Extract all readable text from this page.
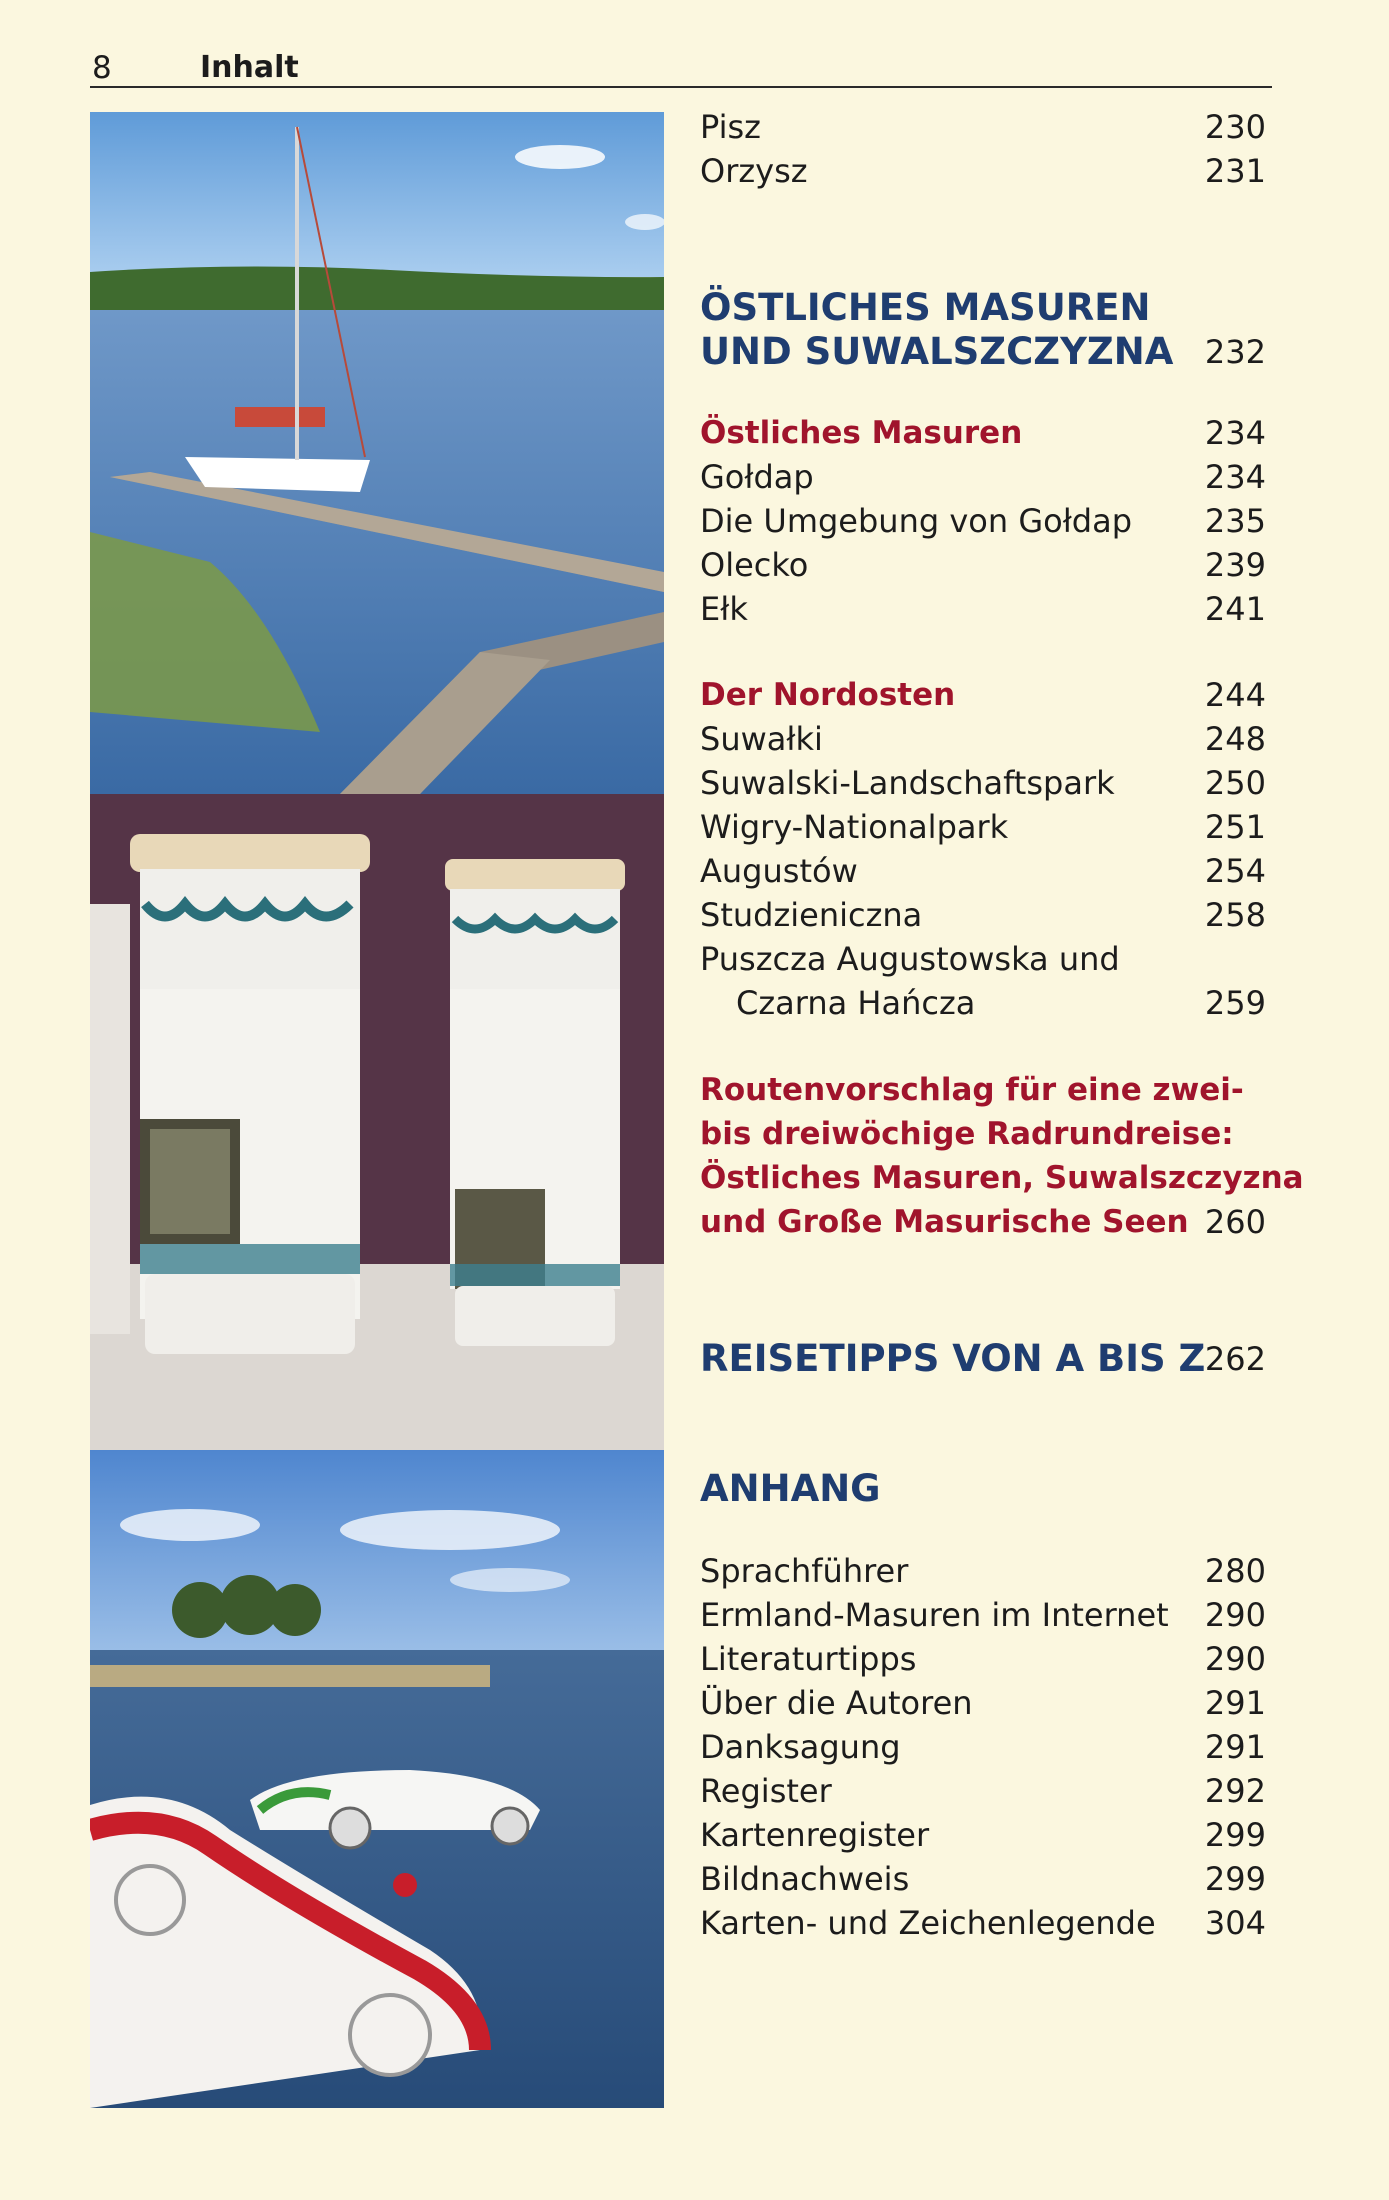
8	Inhalt
Pisz	230
Orzysz	231
ÖSTLICHES MASUREN
UND SUWALSZCZYZNA 232
Östliches Masuren	234
Gołdap	234
Die Umgebung von Gołdap 235
Olecko	239
Ełk	241
Der Nordosten	244
Suwałki	248
Suwalski-Landschaftspark	250
Wigry-Nationalpark	251
Augustów	254
Studzieniczna	258
Puszcza Augustowska und
Czarna Hańcza	259
Routenvorschlag für eine zwei-
bis dreiwöchige Radrundreise:
Östliches Masuren, Suwalszczyzna
und Große Masurische Seen 260
REISETIPPS VON A BIS Z 262
ANHANG
Sprachführer	280
Ermland-Masuren im Internet 290
Literaturtipps	290
Über die Autoren	291
Danksagung	291
Register	292
Kartenregister	299
Bildnachweis	299
Karten- und Zeichenlegende 304
